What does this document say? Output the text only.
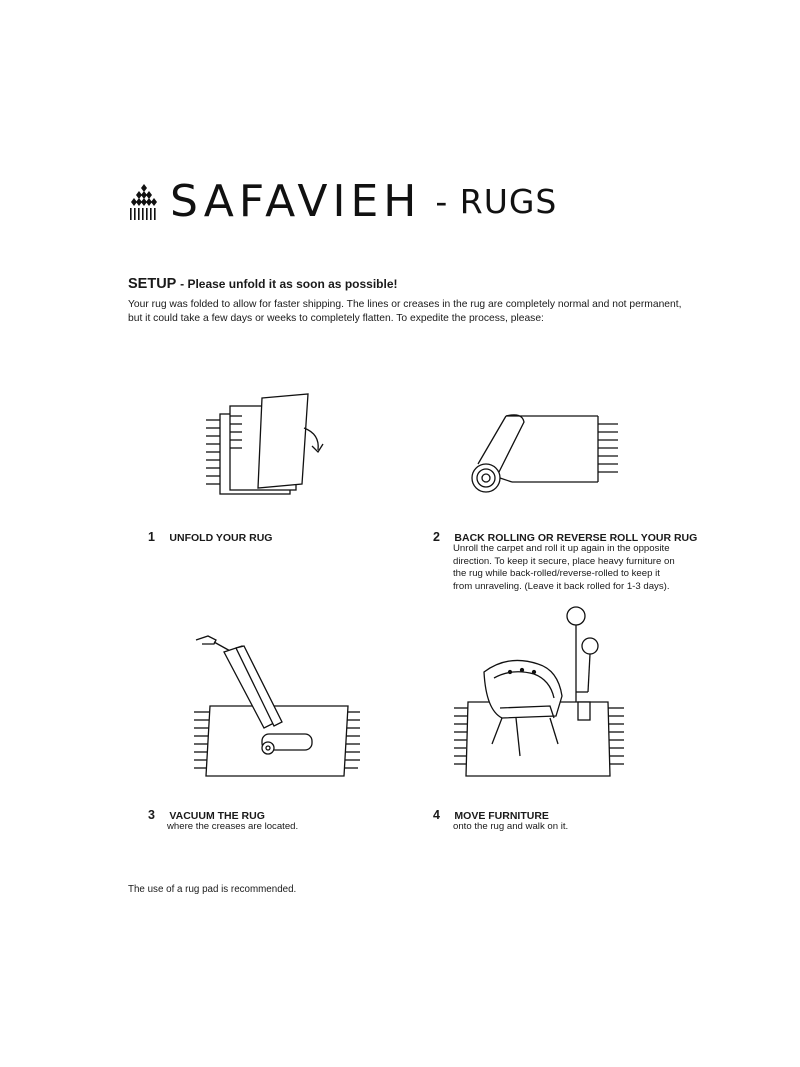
SAFAVIEH - RUGS
SETUP - Please unfold it as soon as possible!
Your rug was folded to allow for faster shipping. The lines or creases in the rug are completely normal and not permanent,
but it could take a few days or weeks to completely flatten. To expedite the process, please:
1 UNFOLD YOUR RUG	2 BACK ROLLING OR REVERSE ROLL YOUR RUG
Unroll the carpet and roll it up again in the opposite
direction. To keep it secure, place heavy furniture on
the rug while back-rolled/reverse-rolled to keep it
from unraveling. (Leave it back rolled for 1-3 days).
3 VACUUM THE RUG
where the creases are located.
4 MOVE FURNITURE
onto the rug and walk on it.
The use of a rug pad is recommended.
